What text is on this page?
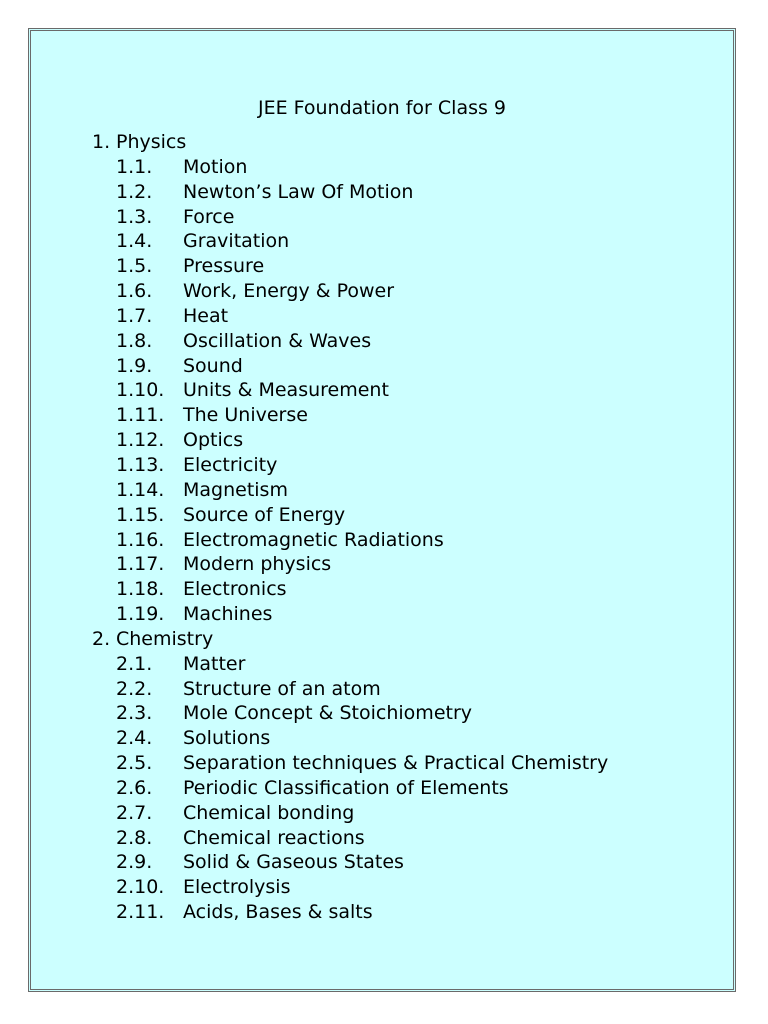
JEE Foundation for Class 9
1. Physics
1.1. Motion
1.2. Newton’s Law Of Motion
1.3. Force
1.4. Gravitation
1.5. Pressure
1.6. Work, Energy & Power
1.7. Heat
1.8. Oscillation & Waves
1.9. Sound
1.10. Units & Measurement
1.11. The Universe
1.12. Optics
1.13. Electricity
1.14. Magnetism
1.15. Source of Energy
1.16. Electromagnetic Radiations
1.17. Modern physics
1.18. Electronics
1.19. Machines
2. Chemistry
2.1. Matter
2.2. Structure of an atom
2.3. Mole Concept & Stoichiometry
2.4. Solutions
2.5. Separation techniques & Practical Chemistry
2.6. Periodic Classification of Elements
2.7. Chemical bonding
2.8. Chemical reactions
2.9. Solid & Gaseous States
2.10. Electrolysis
2.11. Acids, Bases & salts
